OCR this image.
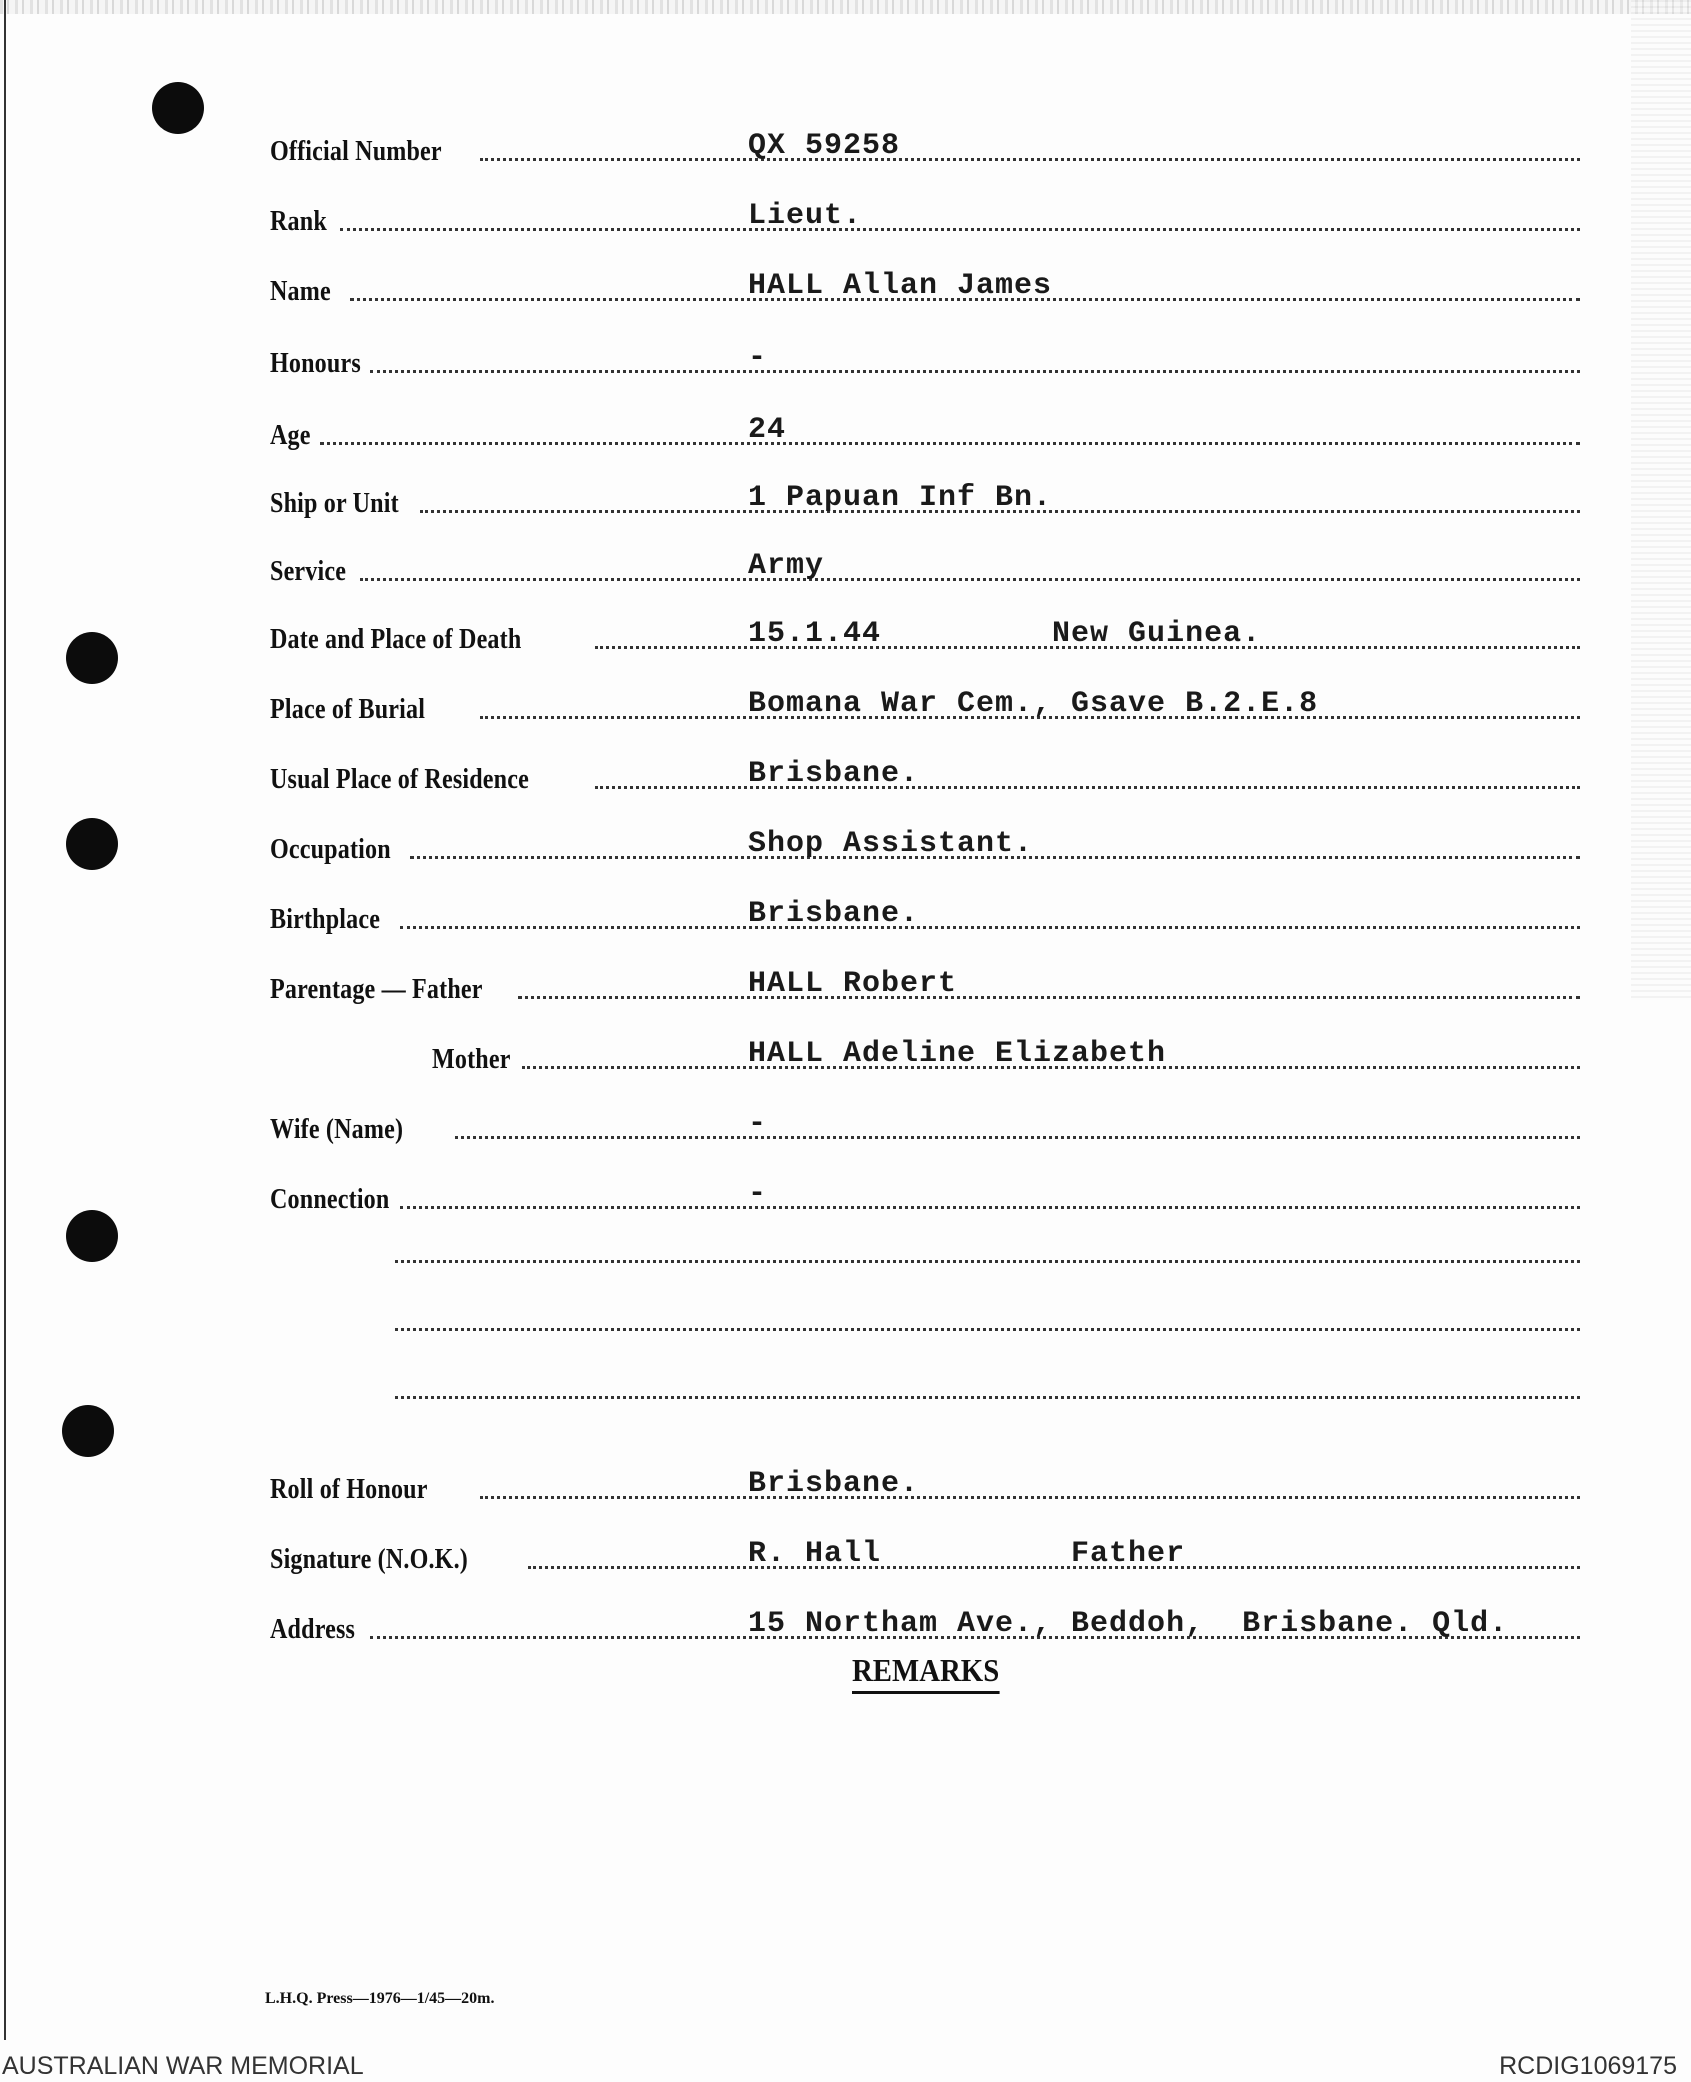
Official Number	QX 59258
Rank	Lieut.
Name	HALL Allan James
Honours	-
Age	24
Ship or Unit	1 Papuan Inf Bn.
Service	Army
Date and Place of Death	15.1.44         New Guinea.
Place of Burial	Bomana War Cem., Gsave B.2.E.8
Usual Place of Residence	Brisbane.
Occupation	Shop Assistant.
Birthplace	Brisbane.
Parentage — Father	HALL Robert
Mother	HALL Adeline Elizabeth
Wife (Name)	-
Connection	-
Roll of Honour	Brisbane.
Signature (N.O.K.)	R. Hall          Father
Address	15 Northam Ave., Beddoh,  Brisbane. Qld.
REMARKS
L.H.Q. Press—1976—1/45—20m.
AUSTRALIAN WAR MEMORIAL	RCDIG1069175
